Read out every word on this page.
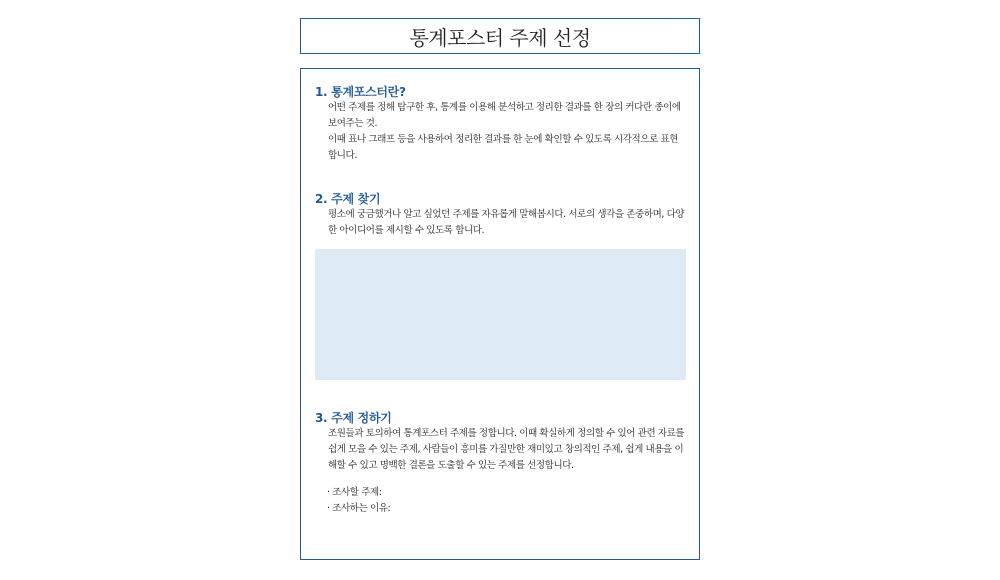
통계포스터 주제 선정
1. 통계포스터란?

어떤 주제를 정해 탐구한 후, 통계를 이용해 분석하고 정리한 결과를 한 장의 커다란 종이에 보여주는 것.

이때 표나 그래프 등을 사용하여 정리한 결과를 한 눈에 확인할 수 있도록 시각적으로 표현 합니다.

2. 주제 찾기

평소에 궁금했거나 알고 싶었던 주제를 자유롭게 말해봅시다. 서로의 생각을 존중하며, 다양한 아이디어를 제시할 수 있도록 합니다.

3. 주제 정하기

조원들과 토의하여 통계포스터 주제를 정합니다. 이때 확실하게 정의할 수 있어 관련 자료를 쉽게 모을 수 있는 주제, 사람들이 흥미를 가질만한 재미있고 창의적인 주제, 쉽게 내용을 이해할 수 있고 명백한 결론을 도출할 수 있는 주제를 선정합니다.

· 조사할 주제:
· 조사하는 이유:
